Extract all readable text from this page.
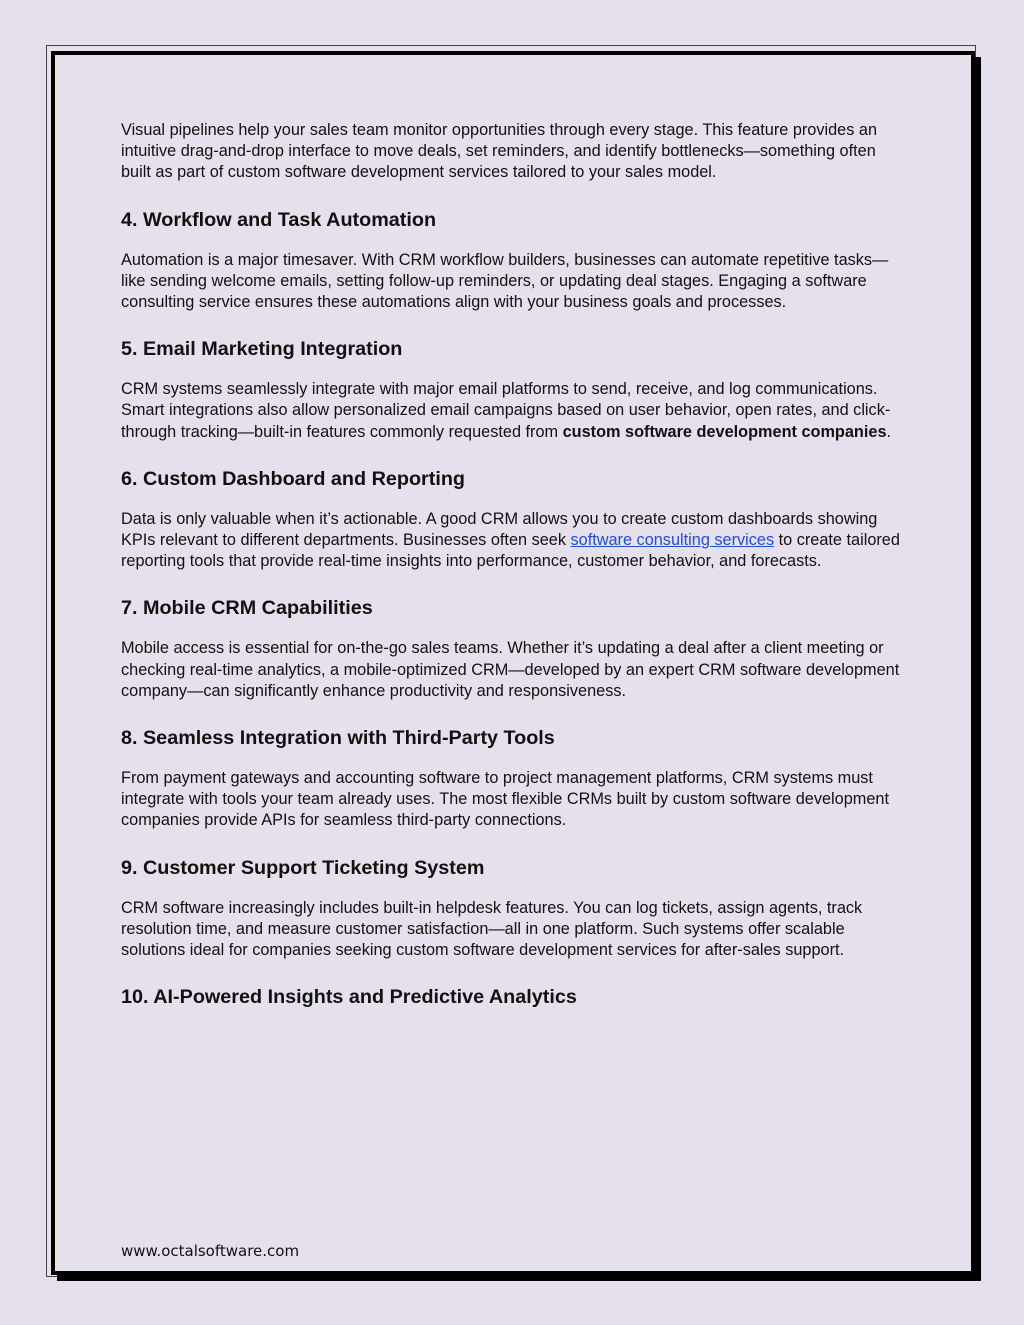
Visual pipelines help your sales team monitor opportunities through every stage. This feature provides an intuitive drag-and-drop interface to move deals, set reminders, and identify bottlenecks—something often built as part of custom software development services tailored to your sales model.

4. Workflow and Task Automation

Automation is a major timesaver. With CRM workflow builders, businesses can automate repetitive tasks—like sending welcome emails, setting follow-up reminders, or updating deal stages. Engaging a software consulting service ensures these automations align with your business goals and processes.

5. Email Marketing Integration

CRM systems seamlessly integrate with major email platforms to send, receive, and log communications. Smart integrations also allow personalized email campaigns based on user behavior, open rates, and click-through tracking—built-in features commonly requested from custom software development companies.

6. Custom Dashboard and Reporting

Data is only valuable when it’s actionable. A good CRM allows you to create custom dashboards showing KPIs relevant to different departments. Businesses often seek software consulting services to create tailored reporting tools that provide real-time insights into performance, customer behavior, and forecasts.

7. Mobile CRM Capabilities

Mobile access is essential for on-the-go sales teams. Whether it’s updating a deal after a client meeting or checking real-time analytics, a mobile-optimized CRM—developed by an expert CRM software development company—can significantly enhance productivity and responsiveness.

8. Seamless Integration with Third-Party Tools

From payment gateways and accounting software to project management platforms, CRM systems must integrate with tools your team already uses. The most flexible CRMs built by custom software development companies provide APIs for seamless third-party connections.

9. Customer Support Ticketing System

CRM software increasingly includes built-in helpdesk features. You can log tickets, assign agents, track resolution time, and measure customer satisfaction—all in one platform. Such systems offer scalable solutions ideal for companies seeking custom software development services for after-sales support.

10. AI-Powered Insights and Predictive Analytics
www.octalsoftware.com
